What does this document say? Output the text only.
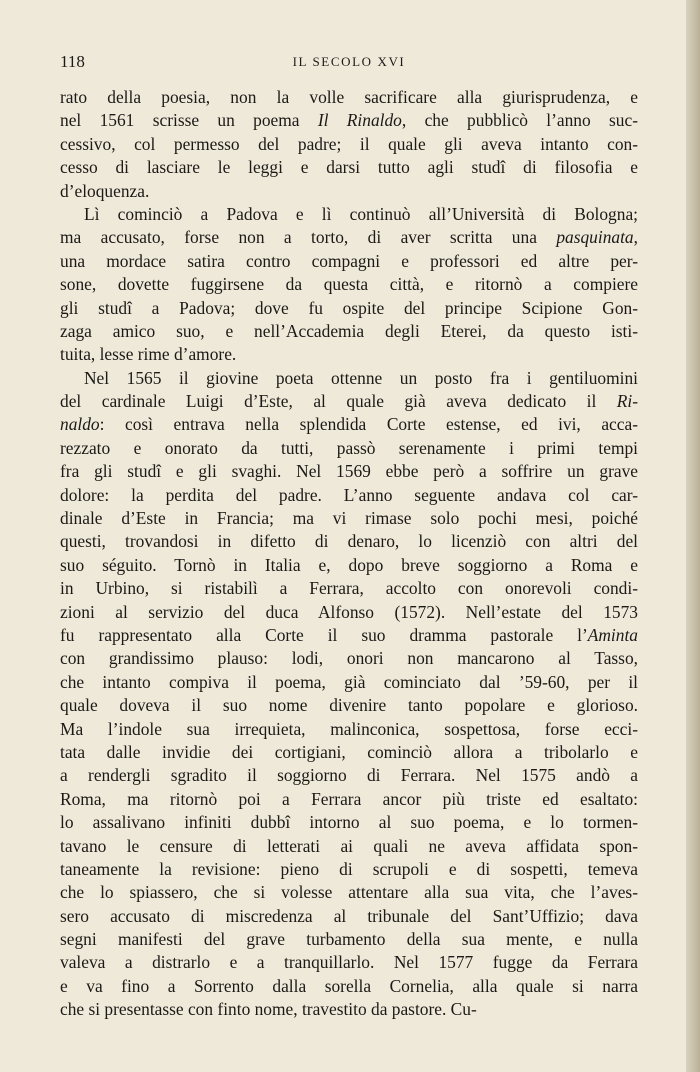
118	IL SECOLO XVI
rato della poesia, non la volle sacrificare alla giurisprudenza, e
nel 1561 scrisse un poema Il Rinaldo, che pubblicò l’anno suc-
cessivo, col permesso del padre; il quale gli aveva intanto con-
cesso di lasciare le leggi e darsi tutto agli studî di filosofia e
d’eloquenza.
Lì cominciò a Padova e lì continuò all’Università di Bologna;
ma accusato, forse non a torto, di aver scritta una pasquinata,
una mordace satira contro compagni e professori ed altre per-
sone, dovette fuggirsene da questa città, e ritornò a compiere
gli studî a Padova; dove fu ospite del principe Scipione Gon-
zaga amico suo, e nell’Accademia degli Eterei, da questo isti-
tuita, lesse rime d’amore.
Nel 1565 il giovine poeta ottenne un posto fra i gentiluomini
del cardinale Luigi d’Este, al quale già aveva dedicato il Ri-
naldo: così entrava nella splendida Corte estense, ed ivi, acca-
rezzato e onorato da tutti, passò serenamente i primi tempi
fra gli studî e gli svaghi. Nel 1569 ebbe però a soffrire un grave
dolore: la perdita del padre. L’anno seguente andava col car-
dinale d’Este in Francia; ma vi rimase solo pochi mesi, poiché
questi, trovandosi in difetto di denaro, lo licenziò con altri del
suo séguito. Tornò in Italia e, dopo breve soggiorno a Roma e
in Urbino, si ristabilì a Ferrara, accolto con onorevoli condi-
zioni al servizio del duca Alfonso (1572). Nell’estate del 1573
fu rappresentato alla Corte il suo dramma pastorale l’Aminta
con grandissimo plauso: lodi, onori non mancarono al Tasso,
che intanto compiva il poema, già cominciato dal ’59-60, per il
quale doveva il suo nome divenire tanto popolare e glorioso.
Ma l’indole sua irrequieta, malinconica, sospettosa, forse ecci-
tata dalle invidie dei cortigiani, cominciò allora a tribolarlo e
a rendergli sgradito il soggiorno di Ferrara. Nel 1575 andò a
Roma, ma ritornò poi a Ferrara ancor più triste ed esaltato:
lo assalivano infiniti dubbî intorno al suo poema, e lo tormen-
tavano le censure di letterati ai quali ne aveva affidata spon-
taneamente la revisione: pieno di scrupoli e di sospetti, temeva
che lo spiassero, che si volesse attentare alla sua vita, che l’aves-
sero accusato di miscredenza al tribunale del Sant’Uffizio; dava
segni manifesti del grave turbamento della sua mente, e nulla
valeva a distrarlo e a tranquillarlo. Nel 1577 fugge da Ferrara
e va fino a Sorrento dalla sorella Cornelia, alla quale si narra
che si presentasse con finto nome, travestito da pastore. Cu-
